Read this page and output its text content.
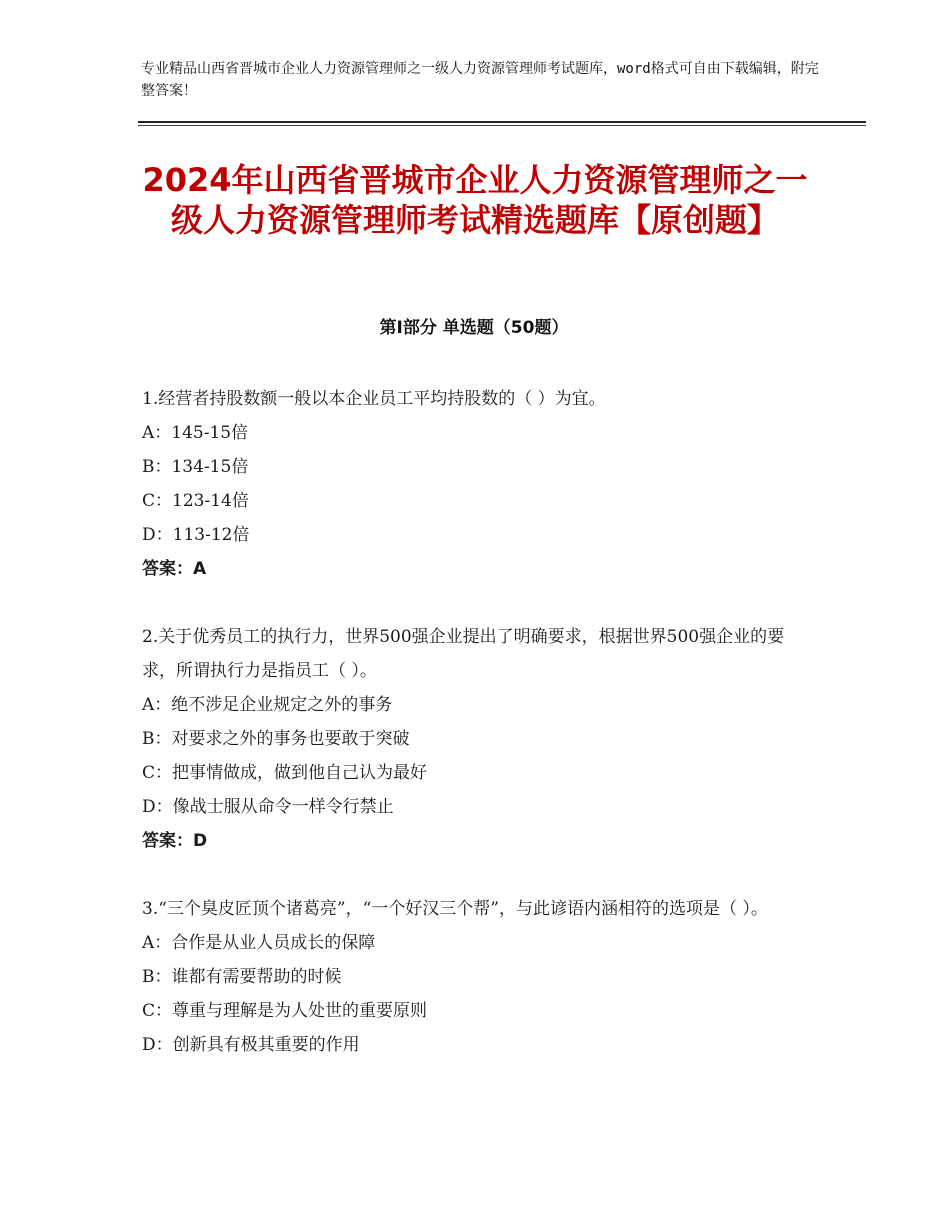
专业精品山西省晋城市企业人力资源管理师之一级人力资源管理师考试题库，word格式可自由下载编辑，附完整答案！
2024年山西省晋城市企业人力资源管理师之一级人力资源管理师考试精选题库【原创题】
第Ⅰ部分 单选题（50题）

1.经营者持股数额一般以本企业员工平均持股数的（ ）为宜。

A：145-15倍

B：134-15倍

C：123-14倍

D：113-12倍

答案：A

2.关于优秀员工的执行力，世界500强企业提出了明确要求，根据世界500强企业的要 求，所谓执行力是指员工（ ）。

A：绝不涉足企业规定之外的事务

B：对要求之外的事务也要敢于突破

C：把事情做成，做到他自己认为最好

D：像战士服从命令一样令行禁止

答案：D

3.“三个臭皮匠顶个诸葛亮”，“一个好汉三个帮”，与此谚语内涵相符的选项是（ ）。

A：合作是从业人员成长的保障

B：谁都有需要帮助的时候

C：尊重与理解是为人处世的重要原则

D：创新具有极其重要的作用
